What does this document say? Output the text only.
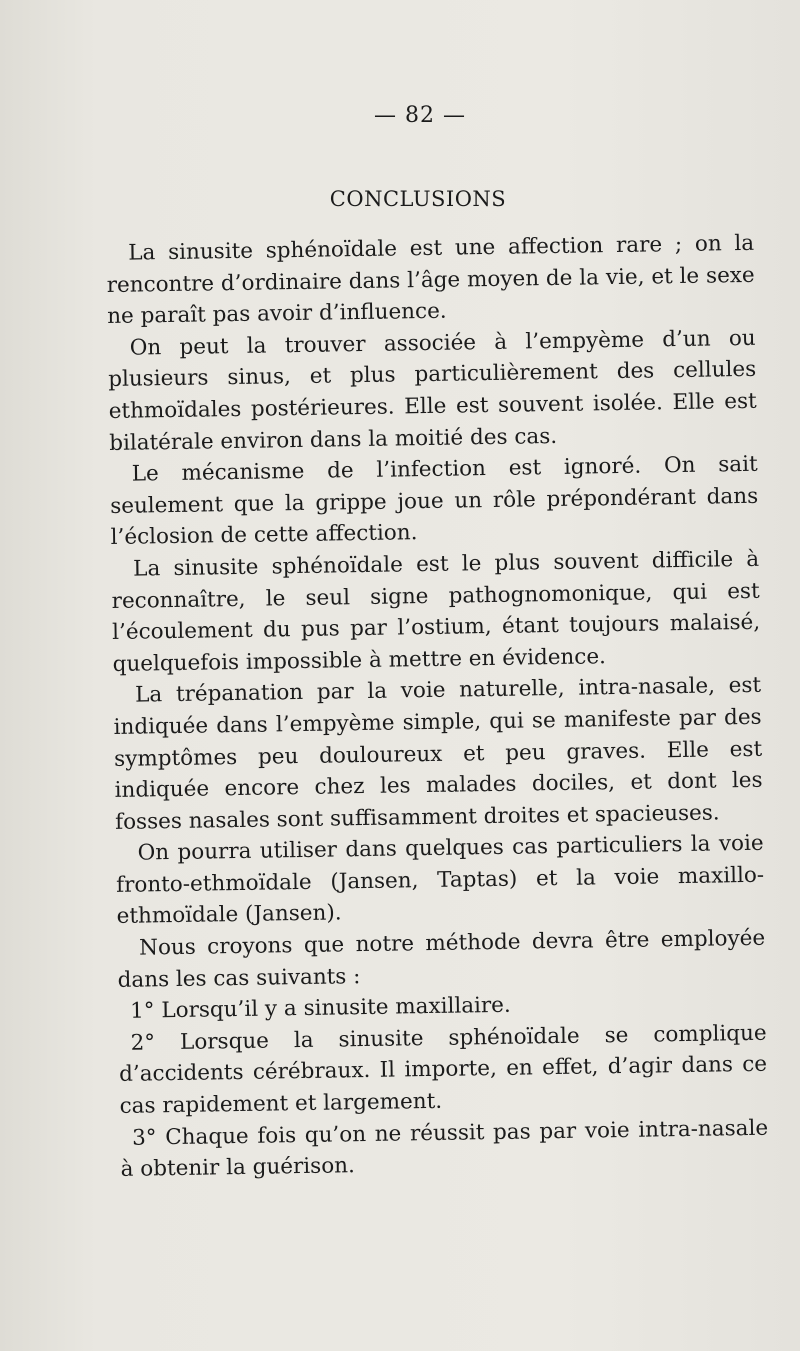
— 82 —
CONCLUSIONS

La sinusite sphénoïdale est une affection rare ; on la rencontre d’ordinaire dans l’âge moyen de la vie, et le sexe ne paraît pas avoir d’influence.

On peut la trouver associée à l’empyème d’un ou plusieurs sinus, et plus particulièrement des cellules ethmoïdales postérieures. Elle est souvent isolée. Elle est bilatérale environ dans la moitié des cas.

Le mécanisme de l’infection est ignoré. On sait seulement que la grippe joue un rôle prépondérant dans l’éclosion de cette affection.

La sinusite sphénoïdale est le plus souvent difficile à reconnaître, le seul signe pathognomonique, qui est l’écoulement du pus par l’ostium, étant toujours malaisé, quelquefois impossible à mettre en évidence.

La trépanation par la voie naturelle, intra-nasale, est indiquée dans l’empyème simple, qui se manifeste par des symptômes peu douloureux et peu graves. Elle est indiquée encore chez les malades dociles, et dont les fosses nasales sont suffisamment droites et spacieuses.

On pourra utiliser dans quelques cas particuliers la voie fronto-ethmoïdale (Jansen, Taptas) et la voie maxillo-ethmoïdale (Jansen).

Nous croyons que notre méthode devra être employée dans les cas suivants :

1° Lorsqu’il y a sinusite maxillaire.

2° Lorsque la sinusite sphénoïdale se complique d’accidents cérébraux. Il importe, en effet, d’agir dans ce cas rapidement et largement.

3° Chaque fois qu’on ne réussit pas par voie intra-nasale à obtenir la guérison.
